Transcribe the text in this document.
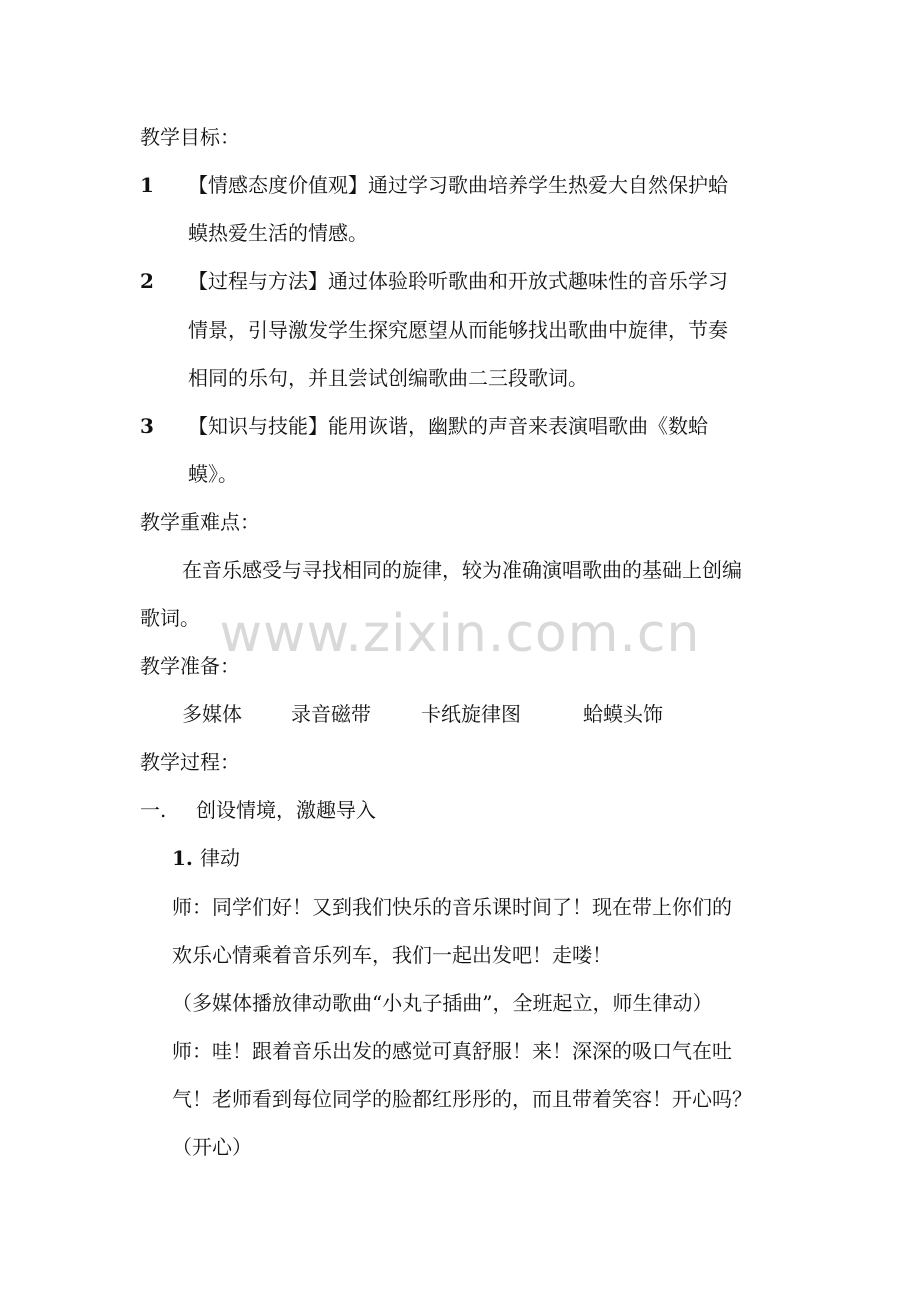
教学目标：
1 【情感态度价值观】通过学习歌曲培养学生热爱大自然保护蛤
蟆热爱生活的情感。
2 【过程与方法】通过体验聆听歌曲和开放式趣味性的音乐学习
情景，引导激发学生探究愿望从而能够找出歌曲中旋律，节奏
相同的乐句，并且尝试创编歌曲二三段歌词。
3 【知识与技能】能用诙谐，幽默的声音来表演唱歌曲《数蛤
蟆》。
教学重难点：
在音乐感受与寻找相同的旋律，较为准确演唱歌曲的基础上创编
歌词。 www.zixin.com.cn
教学准备：
多媒体 录音磁带	卡纸旋律图	蛤蟆头饰
教学过程：
一. 创设情境，激趣导入
1. 律动
师：同学们好！又到我们快乐的音乐课时间了！现在带上你们的
欢乐心情乘着音乐列车，我们一起出发吧！走喽！
（多媒体播放律动歌曲“小丸子插曲”，全班起立，师生律动）
师：哇！跟着音乐出发的感觉可真舒服！来！深深的吸口气在吐
气！老师看到每位同学的脸都红彤彤的，而且带着笑容！开心吗？
（开心）
